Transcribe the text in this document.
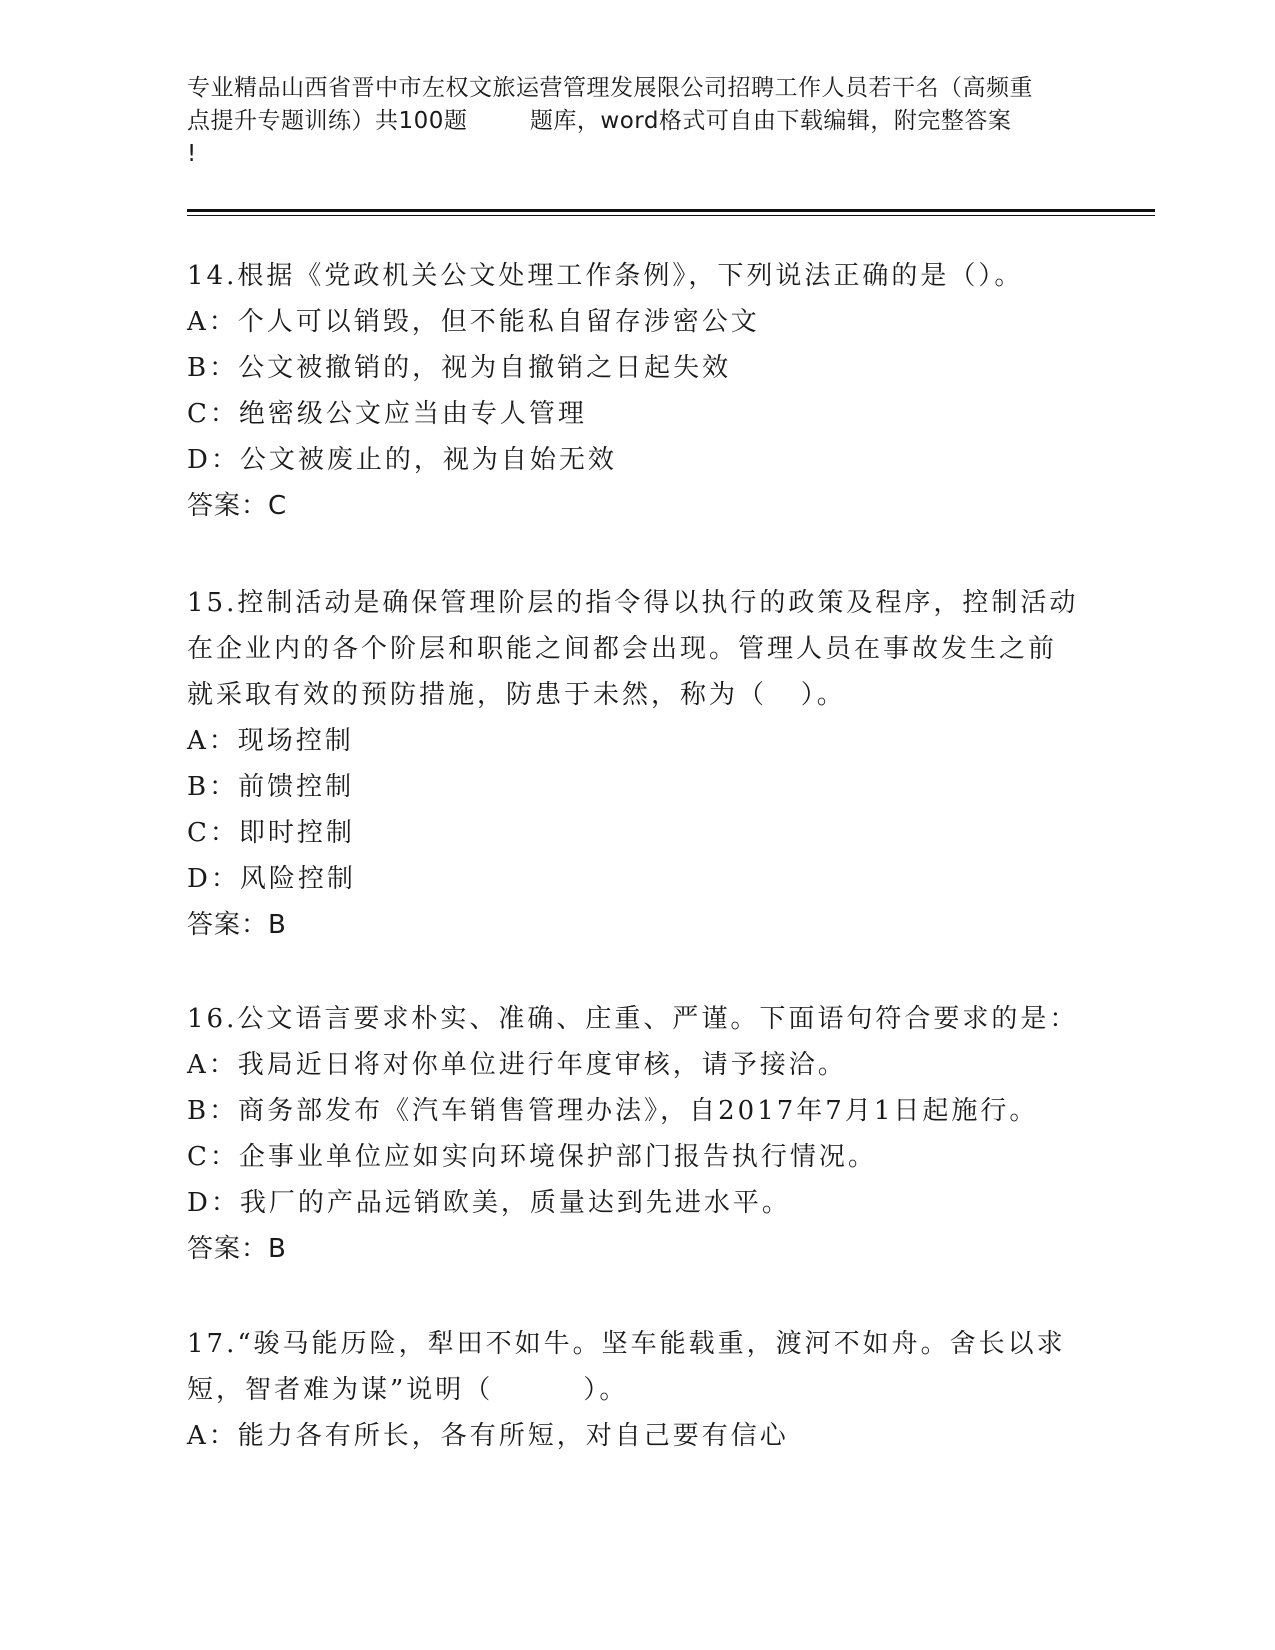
专业精品山西省晋中市左权文旅运营管理发展限公司招聘工作人员若干名（高频重
点提升专题训练）共100题        题库，word格式可自由下载编辑，附完整答案
!
14.根据《党政机关公文处理工作条例》，下列说法正确的是（）。
A：个人可以销毁，但不能私自留存涉密公文
B：公文被撤销的，视为自撤销之日起失效
C：绝密级公文应当由专人管理
D：公文被废止的，视为自始无效
答案：C
15.控制活动是确保管理阶层的指令得以执行的政策及程序，控制活动
在企业内的各个阶层和职能之间都会出现。管理人员在事故发生之前
就采取有效的预防措施，防患于未然，称为（   ）。
A：现场控制
B：前馈控制
C：即时控制
D：风险控制
答案：B
16.公文语言要求朴实、准确、庄重、严谨。下面语句符合要求的是：
A：我局近日将对你单位进行年度审核，请予接洽。
B：商务部发布《汽车销售管理办法》，自2017年7月1日起施行。
C：企事业单位应如实向环境保护部门报告执行情况。
D：我厂的产品远销欧美，质量达到先进水平。
答案：B
17.“骏马能历险，犁田不如牛。坚车能载重，渡河不如舟。舍长以求
短，智者难为谋”说明（        ）。
A：能力各有所长，各有所短，对自己要有信心
